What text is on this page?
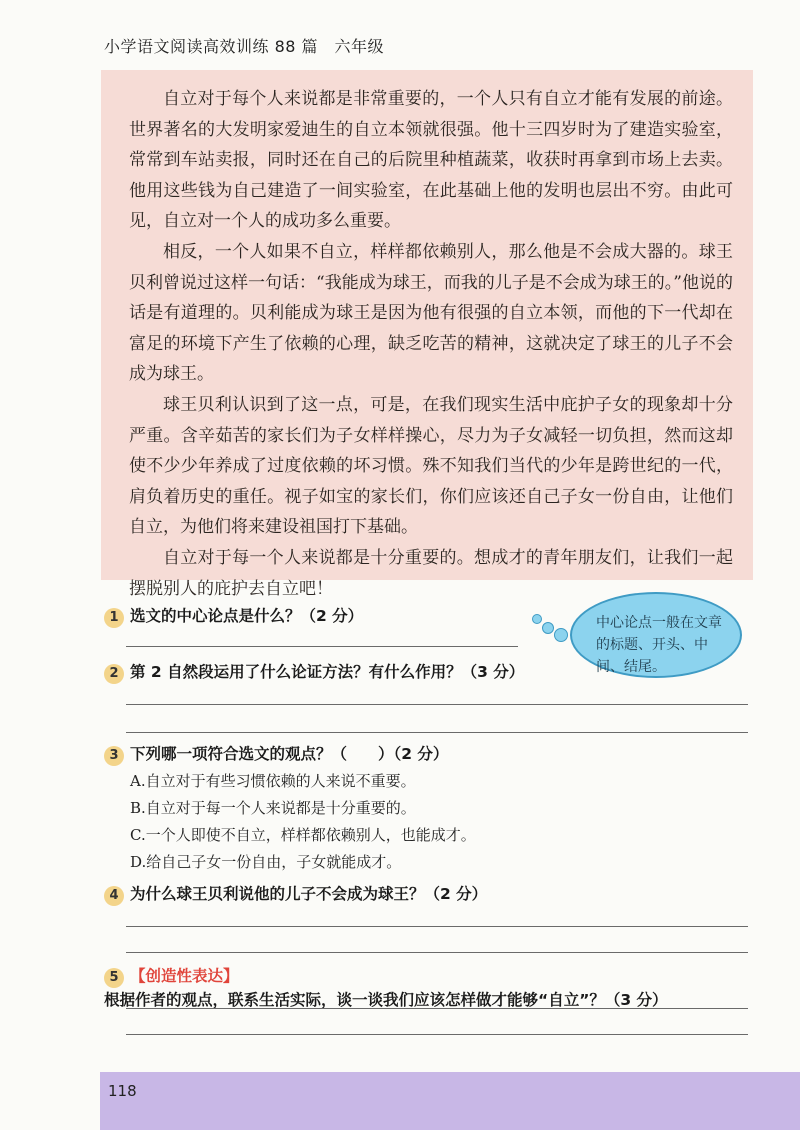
小学语文阅读高效训练 88 篇　六年级

自立对于每个人来说都是非常重要的，一个人只有自立才能有发展的前途。世界著名的大发明家爱迪生的自立本领就很强。他十三四岁时为了建造实验室，常常到车站卖报，同时还在自己的后院里种植蔬菜，收获时再拿到市场上去卖。他用这些钱为自己建造了一间实验室，在此基础上他的发明也层出不穷。由此可见，自立对一个人的成功多么重要。

相反，一个人如果不自立，样样都依赖别人，那么他是不会成大器的。球王贝利曾说过这样一句话：“我能成为球王，而我的儿子是不会成为球王的。”他说的话是有道理的。贝利能成为球王是因为他有很强的自立本领，而他的下一代却在富足的环境下产生了依赖的心理，缺乏吃苦的精神，这就决定了球王的儿子不会成为球王。

球王贝利认识到了这一点，可是，在我们现实生活中庇护子女的现象却十分严重。含辛茹苦的家长们为子女样样操心，尽力为子女减轻一切负担，然而这却使不少少年养成了过度依赖的坏习惯。殊不知我们当代的少年是跨世纪的一代，肩负着历史的重任。视子如宝的家长们，你们应该还自己子女一份自由，让他们自立，为他们将来建设祖国打下基础。

自立对于每一个人来说都是十分重要的。想成才的青年朋友们，让我们一起摆脱别人的庇护去自立吧！

1 选文的中心论点是什么？（2 分）	中心论点一般在文章的标题、开头、中间、结尾。
2 第 2 自然段运用了什么论证方法？有什么作用？（3 分）
3 下列哪一项符合选文的观点？（　　）（2 分）
A.自立对于有些习惯依赖的人来说不重要。
B.自立对于每一个人来说都是十分重要的。
C.一个人即使不自立，样样都依赖别人，也能成才。
D.给自己子女一份自由，子女就能成才。
4 为什么球王贝利说他的儿子不会成为球王？（2 分）
5 【创造性表达】根据作者的观点，联系生活实际，谈一谈我们应该怎样做才能够“自立”？（3 分）
118
